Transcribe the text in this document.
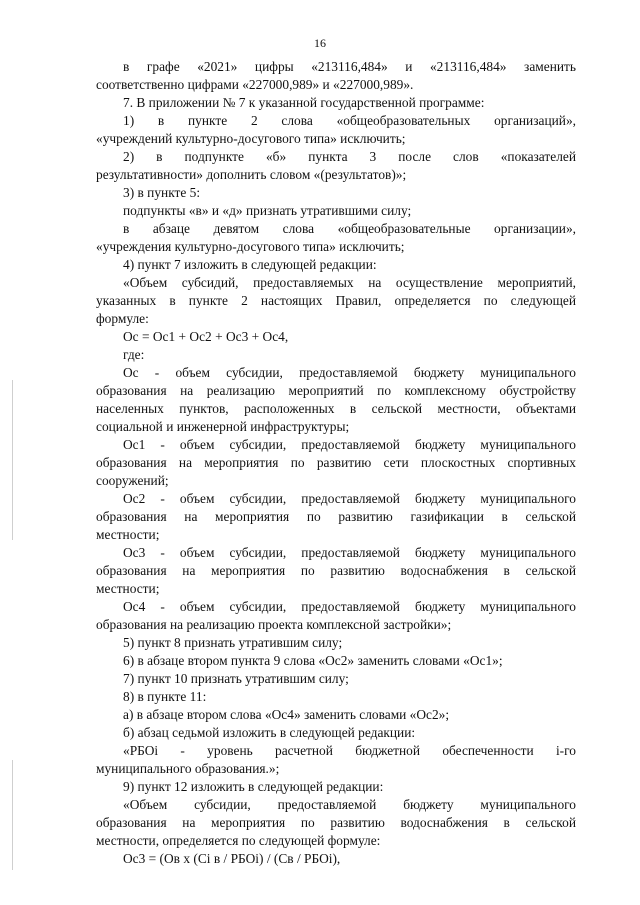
16
в графе «2021» цифры «213116,484» и «213116,484» заменить
соответственно цифрами «227000,989» и «227000,989».
7. В приложении № 7 к указанной государственной программе:
1) в пункте 2 слова «общеобразовательных организаций»,
«учреждений культурно-досугового типа» исключить;
2) в подпункте «б» пункта 3 после слов «показателей
результативности» дополнить словом «(результатов)»;
3) в пункте 5:
подпункты «в» и «д» признать утратившими силу;
в абзаце девятом слова «общеобразовательные организации»,
«учреждения культурно-досугового типа» исключить;
4) пункт 7 изложить в следующей редакции:
«Объем субсидий, предоставляемых на осуществление мероприятий,
указанных в пункте 2 настоящих Правил, определяется по следующей
формуле:
Ос = Ос1 + Ос2 + Ос3 + Ос4,
где:
Ос - объем субсидии, предоставляемой бюджету муниципального
образования на реализацию мероприятий по комплексному обустройству
населенных пунктов, расположенных в сельской местности, объектами
социальной и инженерной инфраструктуры;
Ос1 - объем субсидии, предоставляемой бюджету муниципального
образования на мероприятия по развитию сети плоскостных спортивных
сооружений;
Ос2 - объем субсидии, предоставляемой бюджету муниципального
образования на мероприятия по развитию газификации в сельской
местности;
Ос3 - объем субсидии, предоставляемой бюджету муниципального
образования на мероприятия по развитию водоснабжения в сельской
местности;
Ос4 - объем субсидии, предоставляемой бюджету муниципального
образования на реализацию проекта комплексной застройки»;
5) пункт 8 признать утратившим силу;
6) в абзаце втором пункта 9 слова «Ос2» заменить словами «Ос1»;
7) пункт 10 признать утратившим силу;
8) в пункте 11:
а) в абзаце втором слова «Ос4» заменить словами «Ос2»;
б) абзац седьмой изложить в следующей редакции:
«РБОi - уровень расчетной бюджетной обеспеченности i-го
муниципального образования.»;
9) пункт 12 изложить в следующей редакции:
«Объем субсидии, предоставляемой бюджету муниципального
образования на мероприятия по развитию водоснабжения в сельской
местности, определяется по следующей формуле:
Ос3 = (Ов х (Сi в / РБОi) / (Св / РБОi),
